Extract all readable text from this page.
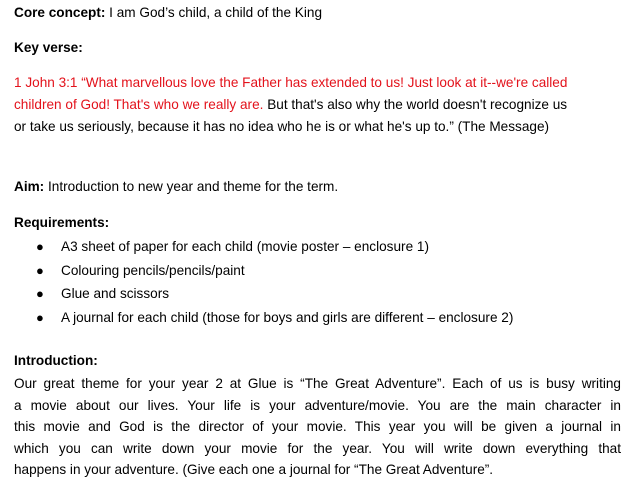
Core concept: I am God’s child, a child of the King
Key verse:
1 John 3:1 “What marvellous love the Father has extended to us! Just look at it--we're called
children of God! That's who we really are. But that's also why the world doesn't recognize us
or take us seriously, because it has no idea who he is or what he's up to.” (The Message)
Aim: Introduction to new year and theme for the term.
Requirements:
● A3 sheet of paper for each child (movie poster – enclosure 1)
● Colouring pencils/pencils/paint
● Glue and scissors
● A journal for each child (those for boys and girls are different – enclosure 2)
Introduction:
Our great theme for your year 2 at Glue is “The Great Adventure”. Each of us is busy writing
a movie about our lives. Your life is your adventure/movie. You are the main character in
this movie and God is the director of your movie. This year you will be given a journal in
which you can write down your movie for the year. You will write down everything that
happens in your adventure. (Give each one a journal for “The Great Adventure”.
